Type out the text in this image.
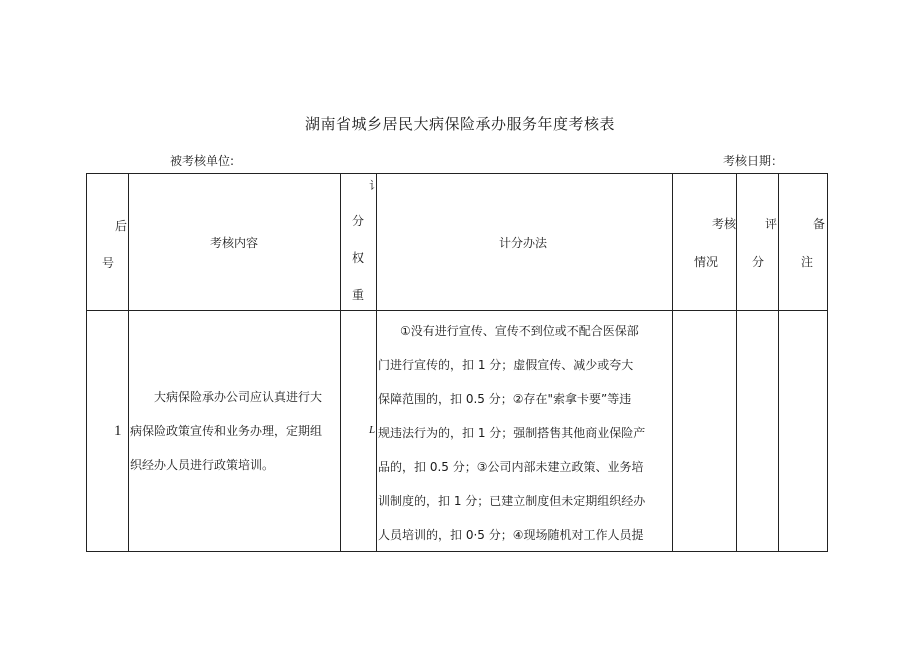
湖南省城乡居民大病保险承办服务年度考核表
被考核单位:	考核日期：
后
号
考核内容
讠
分
权
重
计分办法
考核
情况
评
分
备
注
1
大病保险承办公司应认真进行大
病保险政策宣传和业务办理，定期组
织经办人员进行政策培训。
L
①没有进行宣传、宣传不到位或不配合医保部
门进行宣传的，扣 1 分；虚假宣传、减少或夸大
保障范围的，扣 0.5 分；②存在"索拿卡要”等违
规违法行为的，扣 1 分；强制搭售其他商业保险产
品的，扣 0.5 分；③公司内部未建立政策、业务培
训制度的，扣 1 分；已建立制度但未定期组织经办
人员培训的，扣 0·5 分；④现场随机对工作人员提
